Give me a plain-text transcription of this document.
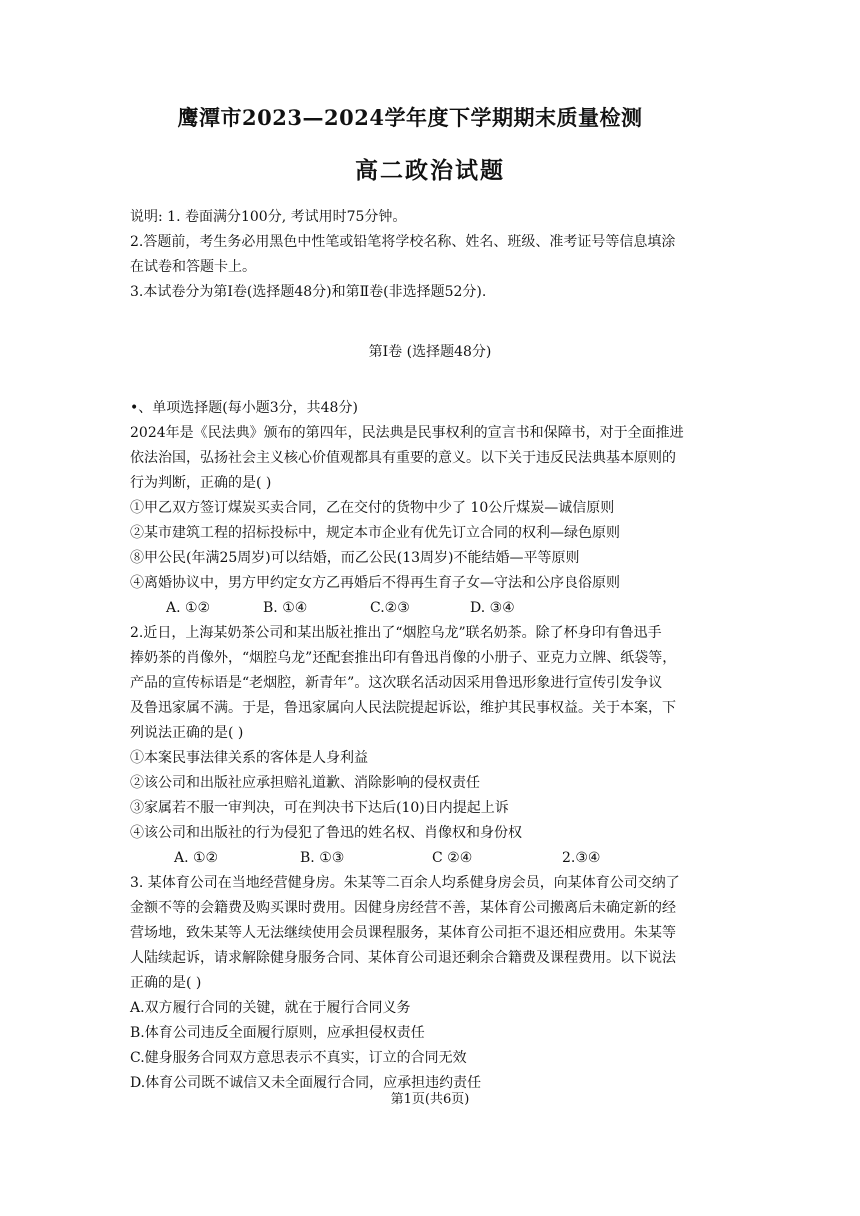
鹰潭市2023—2024学年度下学期期末质量检测
高二政治试题
说明: 1. 卷面满分100分, 考试用时75分钟。
2.答题前，考生务必用黑色中性笔或铅笔将学校名称、姓名、班级、准考证号等信息填涂
在试卷和答题卡上。
3.本试卷分为第Ⅰ卷(选择题48分)和第Ⅱ卷(非选择题52分).
第Ⅰ卷 (选择题48分)
•、单项选择题(每小题3分，共48分)
2024年是《民法典》颁布的第四年，民法典是民事权利的宣言书和保障书，对于全面推进
依法治国，弘扬社会主义核心价值观都具有重要的意义。以下关于违反民法典基本原则的
行为判断，正确的是( )
①甲乙双方签订煤炭买卖合同，乙在交付的货物中少了 10公斤煤炭—诚信原则
②某市建筑工程的招标投标中，规定本市企业有优先订立合同的权利—绿色原则
⑧甲公民(年满25周岁)可以结婚，而乙公民(13周岁)不能结婚—平等原则
④离婚协议中，男方甲约定女方乙再婚后不得再生育子女—守法和公序良俗原则
A. ①②	B. ①④	C.②③	D. ③④
2.近日，上海某奶茶公司和某出版社推出了“烟腔乌龙”联名奶茶。除了杯身印有鲁迅手
捧奶茶的肖像外，“烟腔乌龙”还配套推出印有鲁迅肖像的小册子、亚克力立牌、纸袋等，
产品的宣传标语是“老烟腔，新青年”。这次联名活动因采用鲁迅形象进行宣传引发争议
及鲁迅家属不满。于是，鲁迅家属向人民法院提起诉讼，维护其民事权益。关于本案，下
列说法正确的是( )
①本案民事法律关系的客体是人身利益
②该公司和出版社应承担赔礼道歉、消除影响的侵权责任
③家属若不服一审判决，可在判决书下达后(10)日内提起上诉
④该公司和出版社的行为侵犯了鲁迅的姓名权、肖像权和身份权
A. ①②	B. ①③	C ②④	2.③④
3. 某体育公司在当地经营健身房。朱某等二百余人均系健身房会员，向某体育公司交纳了
金额不等的会籍费及购买课时费用。因健身房经营不善，某体育公司搬离后未确定新的经
营场地，致朱某等人无法继续使用会员课程服务，某体育公司拒不退还相应费用。朱某等
人陆续起诉，请求解除健身服务合同、某体育公司退还剩余合籍费及课程费用。以下说法
正确的是( )
A.双方履行合同的关键，就在于履行合同义务
B.体育公司违反全面履行原则，应承担侵权责任
C.健身服务合同双方意思表示不真实，订立的合同无效
D.体育公司既不诚信又未全面履行合同，应承担违约责任
第1页(共6页)
